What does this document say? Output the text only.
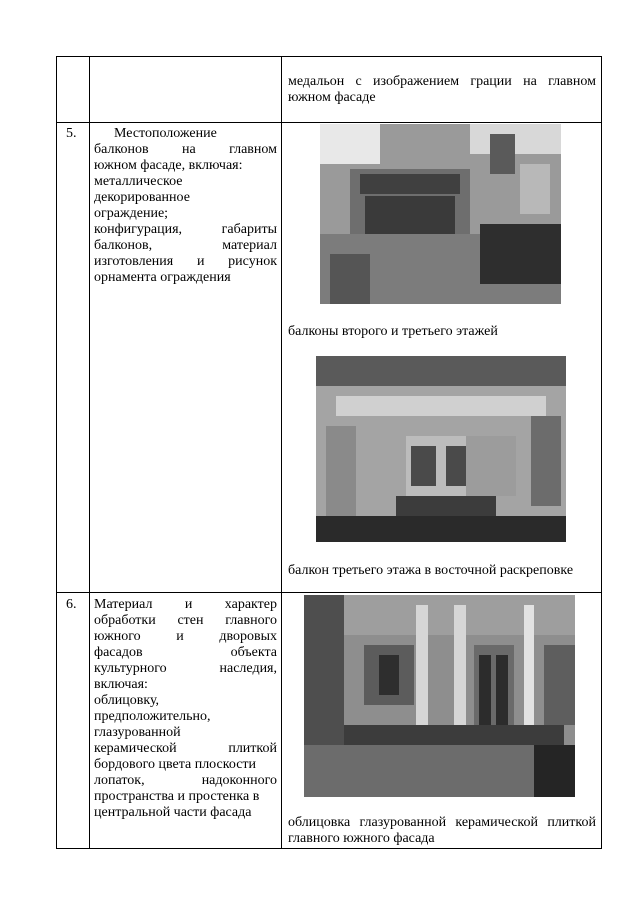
медальон с изображением грации на главном южном фасаде
5.	Местоположение
балконов на главном
южном фасаде, включая:
металлическое
декорированное
ограждение;
конфигурация, габариты
балконов, материал
изготовления и рисунок
орнамента ограждения
балконы второго и третьего этажей
балкон третьего этажа в восточной раскреповке
6. Материал и характер
обработки стен главного
южного и дворовых
фасадов объекта
культурного наследия,
включая:
облицовку,
предположительно,
глазурованной
керамической плиткой
бордового цвета плоскости
лопаток, надоконного
пространства и простенка в
центральной части фасада
облицовка глазурованной керамической плиткой главного южного фасада
